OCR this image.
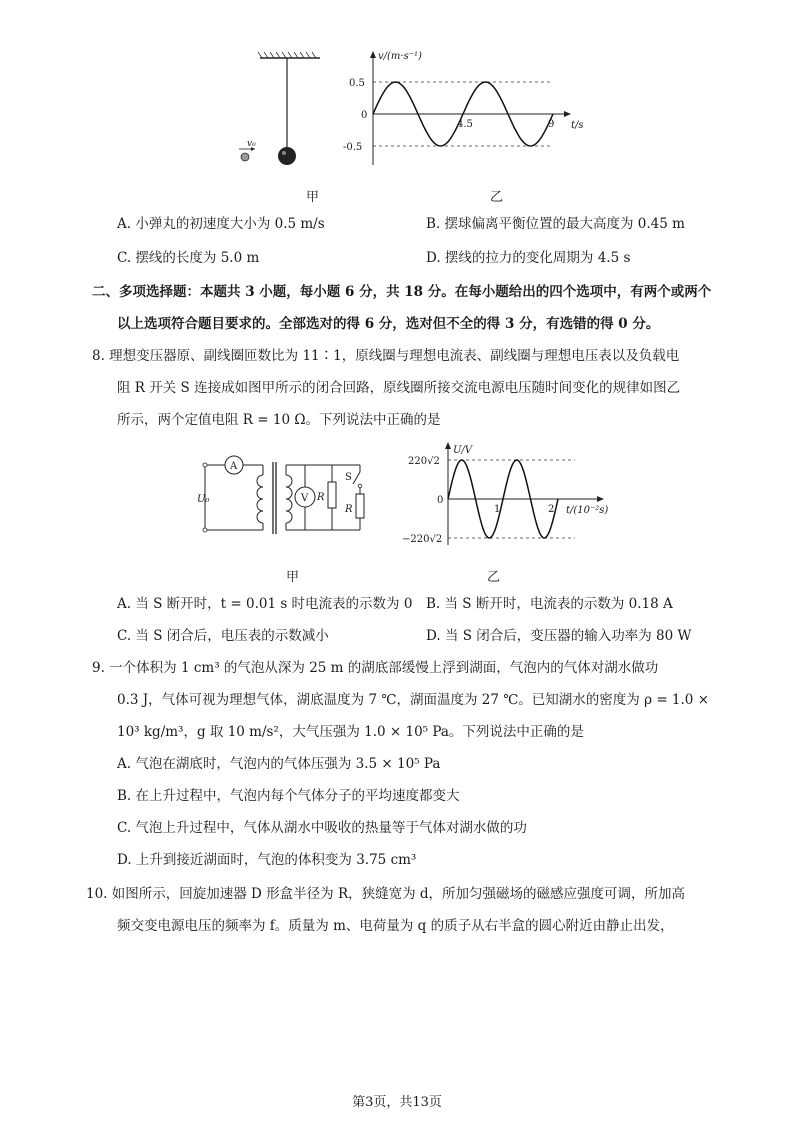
v₀
甲
v/(m·s⁻¹)
t/s
0.5
0
-0.5
4.5	9
乙
A. 小弹丸的初速度大小为 0.5 m/s	B. 摆球偏离平衡位置的最大高度为 0.45 m
C. 摆线的长度为 5.0 m	D. 摆线的拉力的变化周期为 4.5 s
二、多项选择题：本题共 3 小题，每小题 6 分，共 18 分。在每小题给出的四个选项中，有两个或两个
以上选项符合题目要求的。全部选对的得 6 分，选对但不全的得 3 分，有选错的得 0 分。
8. 理想变压器原、副线圈匝数比为 11∶1，原线圈与理想电流表、副线圈与理想电压表以及负载电
阻 R 开关 S 连接成如图甲所示的闭合回路，原线圈所接交流电源电压随时间变化的规律如图乙
所示，两个定值电阻 R = 10 Ω。下列说法中正确的是
A
V
U₀	R
R
S
甲
U/V
t/(10⁻²s)
220√2
0
−220√2
1	2
乙
A. 当 S 断开时，t = 0.01 s 时电流表的示数为 0 B. 当 S 断开时，电流表的示数为 0.18 A
C. 当 S 闭合后，电压表的示数减小	D. 当 S 闭合后，变压器的输入功率为 80 W
9. 一个体积为 1 cm³ 的气泡从深为 25 m 的湖底部缓慢上浮到湖面，气泡内的气体对湖水做功
0.3 J，气体可视为理想气体，湖底温度为 7 ℃，湖面温度为 27 ℃。已知湖水的密度为 ρ = 1.0 ×
10³ kg/m³，g 取 10 m/s²，大气压强为 1.0 × 10⁵ Pa。下列说法中正确的是
A. 气泡在湖底时，气泡内的气体压强为 3.5 × 10⁵ Pa
B. 在上升过程中，气泡内每个气体分子的平均速度都变大
C. 气泡上升过程中，气体从湖水中吸收的热量等于气体对湖水做的功
D. 上升到接近湖面时，气泡的体积变为 3.75 cm³
10. 如图所示，回旋加速器 D 形盒半径为 R，狭缝宽为 d，所加匀强磁场的磁感应强度可调，所加高
频交变电源电压的频率为 f。质量为 m、电荷量为 q 的质子从右半盒的圆心附近由静止出发，
第3页，共13页
